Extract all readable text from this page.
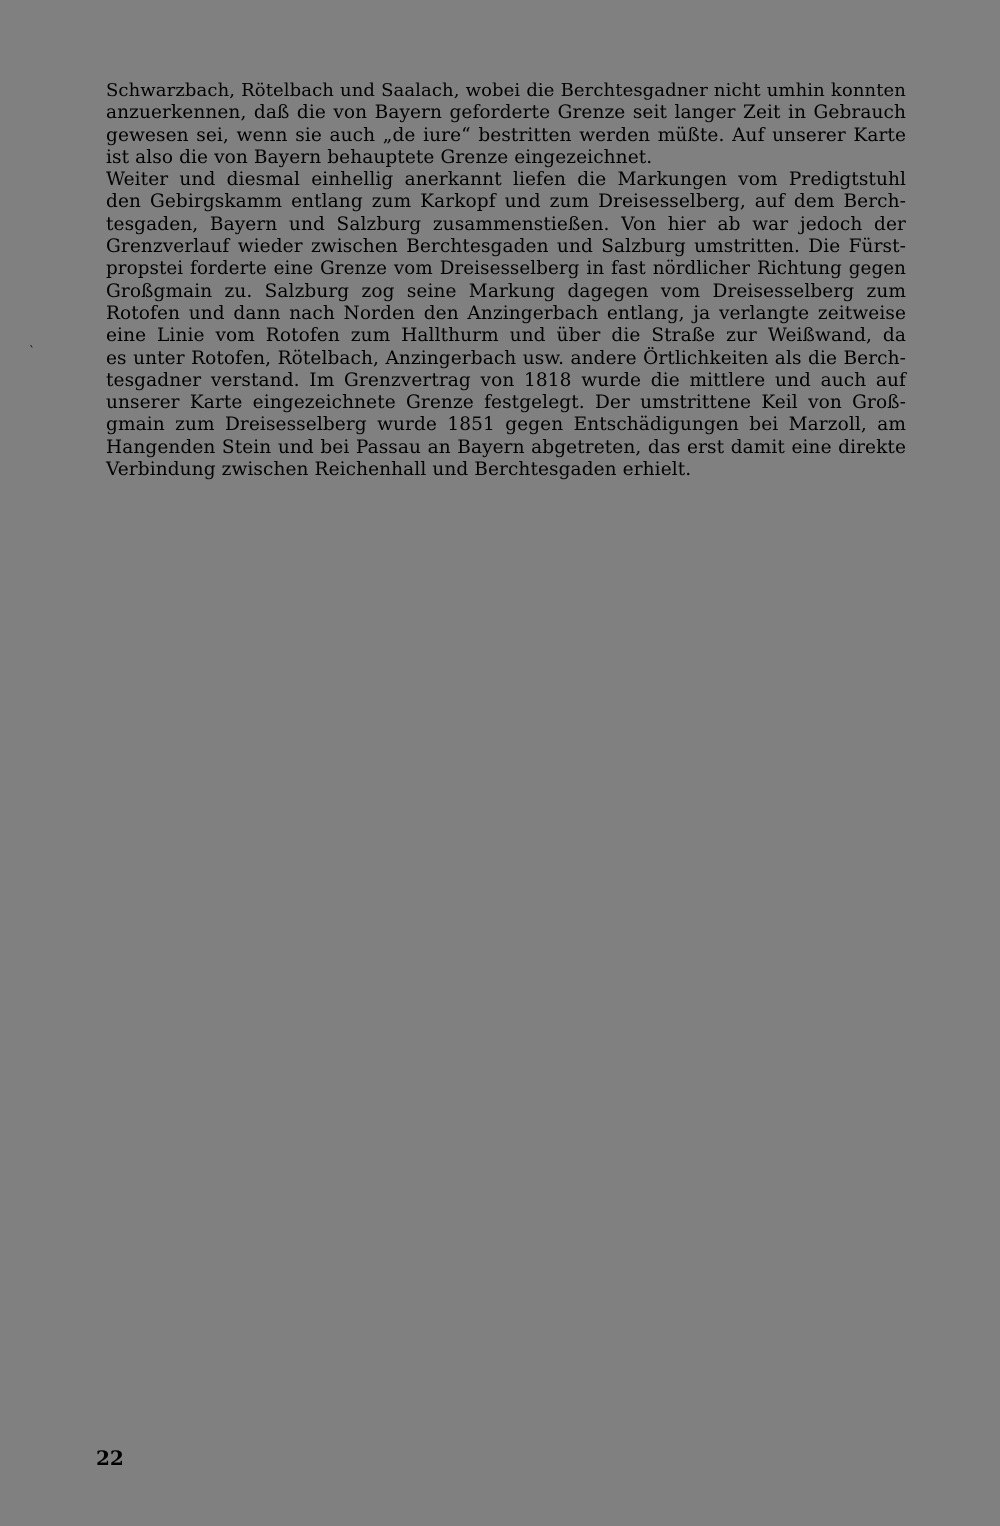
`
Schwarzbach, Rötelbach und Saalach, wobei die Berchtesgadner nicht umhin konnten
anzuerkennen, daß die von Bayern geforderte Grenze seit langer Zeit in Gebrauch
gewesen sei, wenn sie auch „de iure“ bestritten werden müßte. Auf unserer Karte
ist also die von Bayern behauptete Grenze eingezeichnet.
Weiter und diesmal einhellig anerkannt liefen die Markungen vom Predigtstuhl
den Gebirgskamm entlang zum Karkopf und zum Dreisesselberg, auf dem Berch-
tesgaden, Bayern und Salzburg zusammenstießen. Von hier ab war jedoch der
Grenzverlauf wieder zwischen Berchtesgaden und Salzburg umstritten. Die Fürst-
propstei forderte eine Grenze vom Dreisesselberg in fast nördlicher Richtung gegen
Großgmain zu. Salzburg zog seine Markung dagegen vom Dreisesselberg zum
Rotofen und dann nach Norden den Anzingerbach entlang, ja verlangte zeitweise
eine Linie vom Rotofen zum Hallthurm und über die Straße zur Weißwand, da
es unter Rotofen, Rötelbach, Anzingerbach usw. andere Örtlichkeiten als die Berch-
tesgadner verstand. Im Grenzvertrag von 1818 wurde die mittlere und auch auf
unserer Karte eingezeichnete Grenze festgelegt. Der umstrittene Keil von Groß-
gmain zum Dreisesselberg wurde 1851 gegen Entschädigungen bei Marzoll, am
Hangenden Stein und bei Passau an Bayern abgetreten, das erst damit eine direkte
Verbindung zwischen Reichenhall und Berchtesgaden erhielt.
22
